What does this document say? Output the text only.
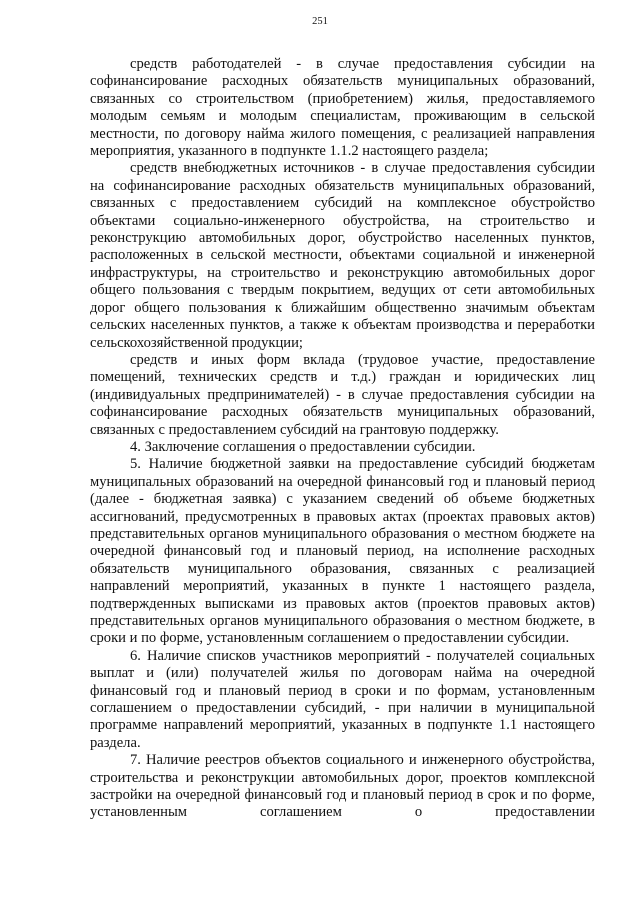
251

средств работодателей - в случае предоставления субсидии на софинансирование расходных обязательств муниципальных образований, связанных со строительством (приобретением) жилья, предоставляемого молодым семьям и молодым специалистам, проживающим в сельской местности, по договору найма жилого помещения, с реализацией направления мероприятия, указанного в подпункте 1.1.2 настоящего раздела;

средств внебюджетных источников - в случае предоставления субсидии на софинансирование расходных обязательств муниципальных образований, связанных с предоставлением субсидий на комплексное обустройство объектами социально-инженерного обустройства, на строительство и реконструкцию автомобильных дорог, обустройство населенных пунктов, расположенных в сельской местности, объектами социальной и инженерной инфраструктуры, на строительство и реконструкцию автомобильных дорог общего пользования с твердым покрытием, ведущих от сети автомобильных дорог общего пользования к ближайшим общественно значимым объектам сельских населенных пунктов, а также к объектам производства и переработки сельскохозяйственной продукции;

средств и иных форм вклада (трудовое участие, предоставление помещений, технических средств и т.д.) граждан и юридических лиц (индивидуальных предпринимателей) - в случае предоставления субсидии на софинансирование расходных обязательств муниципальных образований, связанных с предоставлением субсидий на грантовую поддержку.

4. Заключение соглашения о предоставлении субсидии.

5. Наличие бюджетной заявки на предоставление субсидий бюджетам муниципальных образований на очередной финансовый год и плановый период (далее - бюджетная заявка) с указанием сведений об объеме бюджетных ассигнований, предусмотренных в правовых актах (проектах правовых актов) представительных органов муниципального образования о местном бюджете на очередной финансовый год и плановый период, на исполнение расходных обязательств муниципального образования, связанных с реализацией направлений мероприятий, указанных в пункте 1 настоящего раздела, подтвержденных выписками из правовых актов (проектов правовых актов) представительных органов муниципального образования о местном бюджете, в сроки и по форме, установленным соглашением о предоставлении субсидии.

6. Наличие списков участников мероприятий - получателей социальных выплат и (или) получателей жилья по договорам найма на очередной финансовый год и плановый период в сроки и по формам, установленным соглашением о предоставлении субсидий, - при наличии в муниципальной программе направлений мероприятий, указанных в подпункте 1.1 настоящего раздела.

7. Наличие реестров объектов социального и инженерного обустройства, строительства и реконструкции автомобильных дорог, проектов комплексной застройки на очередной финансовый год и плановый период в срок и по форме, установленным соглашением о предоставлении
